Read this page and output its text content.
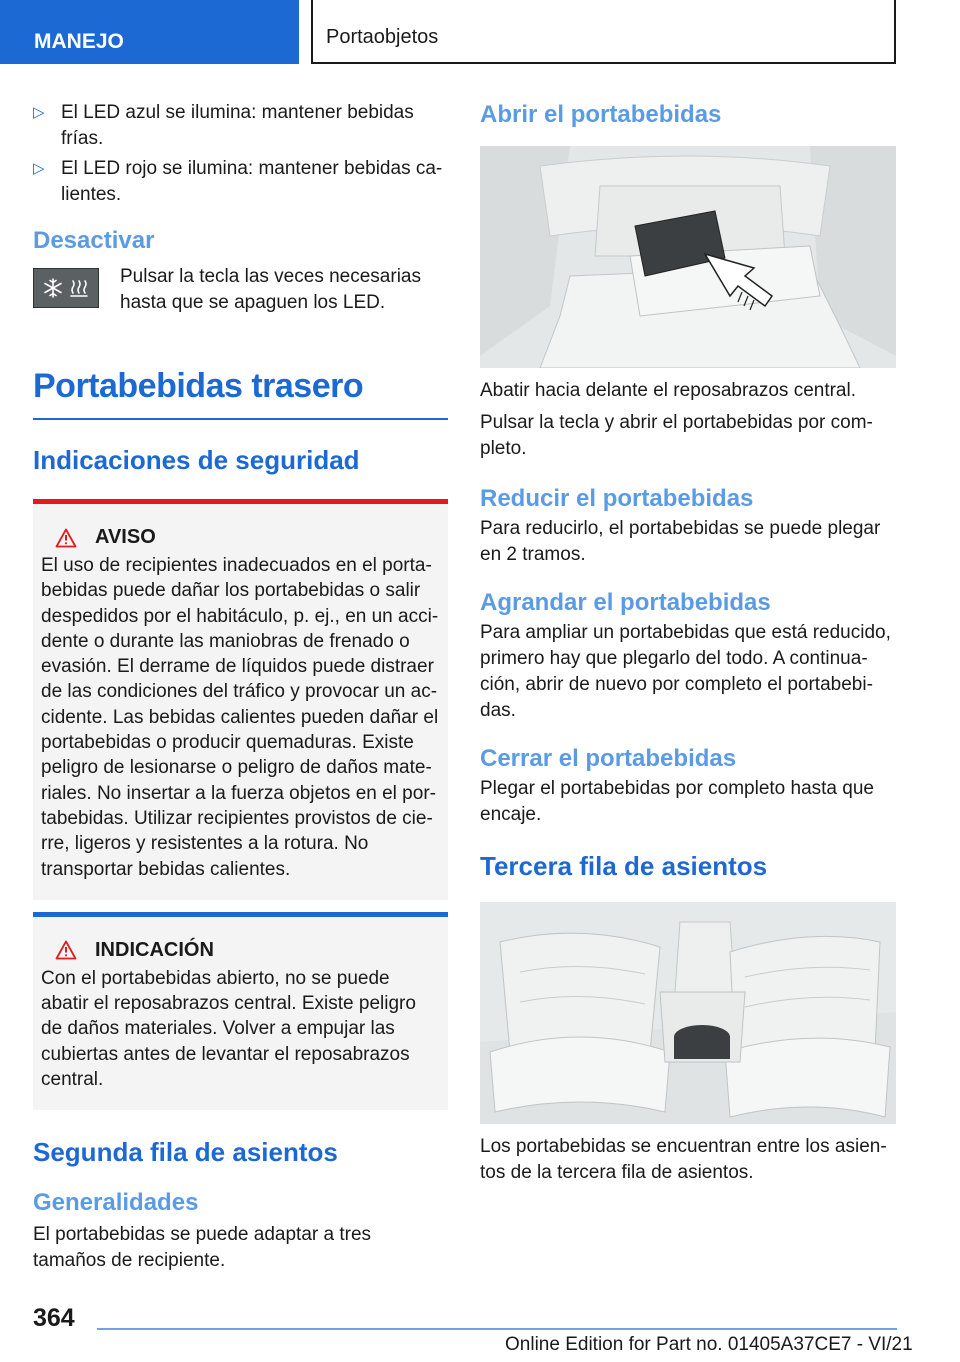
MANEJO	Portaobjetos
▷ El LED azul se ilumina: mantener bebidas frías.
▷ El LED rojo se ilumina: mantener bebidas ca-lientes.
Desactivar
Pulsar la tecla las veces necesarias hasta que se apaguen los LED.
Portabebidas trasero
Indicaciones de seguridad
AVISO
El uso de recipientes inadecuados en el porta-bebidas puede dañar los portabebidas o salir despedidos por el habitáculo, p. ej., en un acci-dente o durante las maniobras de frenado o evasión. El derrame de líquidos puede distraer de las condiciones del tráfico y provocar un ac-cidente. Las bebidas calientes pueden dañar el portabebidas o producir quemaduras. Existe peligro de lesionarse o peligro de daños mate-riales. No insertar a la fuerza objetos en el por-tabebidas. Utilizar recipientes provistos de cie-rre, ligeros y resistentes a la rotura. No transportar bebidas calientes.
INDICACIÓN
Con el portabebidas abierto, no se puede abatir el reposabrazos central. Existe peligro de daños materiales. Volver a empujar las cubiertas antes de levantar el reposabrazos central.
Segunda fila de asientos
Generalidades
El portabebidas se puede adaptar a tres tamaños de recipiente.
Abrir el portabebidas
Abatir hacia delante el reposabrazos central.
Pulsar la tecla y abrir el portabebidas por com-pleto.
Reducir el portabebidas
Para reducirlo, el portabebidas se puede plegar en 2 tramos.
Agrandar el portabebidas
Para ampliar un portabebidas que está reducido, primero hay que plegarlo del todo. A continua-ción, abrir de nuevo por completo el portabebi-das.
Cerrar el portabebidas
Plegar el portabebidas por completo hasta que encaje.
Tercera fila de asientos
Los portabebidas se encuentran entre los asien-tos de la tercera fila de asientos.
364
Online Edition for Part no. 01405A37CE7 - VI/21
